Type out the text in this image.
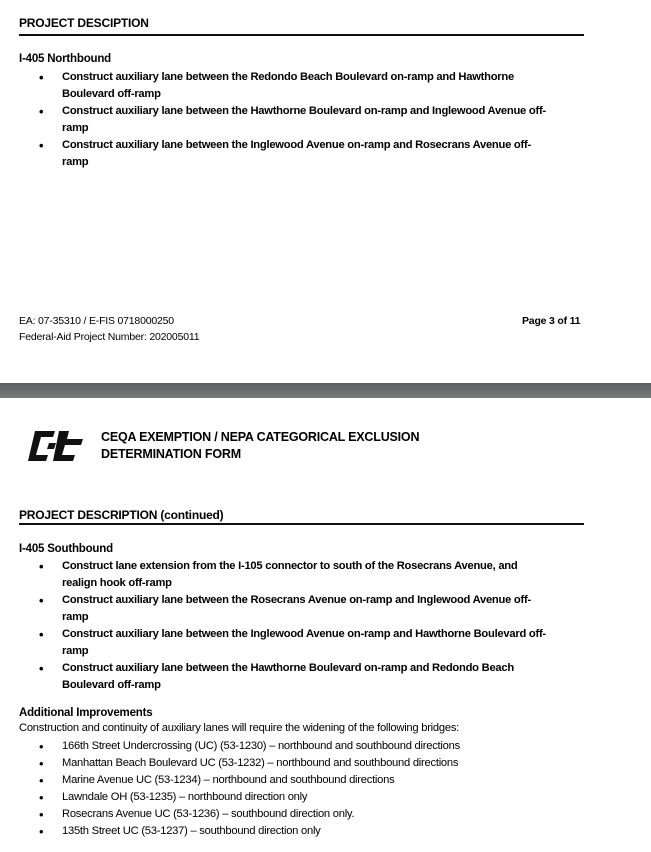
PROJECT DESCIPTION
I-405 Northbound
• Construct auxiliary lane between the Redondo Beach Boulevard on-ramp and Hawthorne
Boulevard off-ramp
• Construct auxiliary lane between the Hawthorne Boulevard on-ramp and Inglewood Avenue off-
ramp
• Construct auxiliary lane between the Inglewood Avenue on-ramp and Rosecrans Avenue off-
ramp
EA: 07-35310 / E-FIS 0718000250
Federal-Aid Project Number: 202005011
Page 3 of 11
CEQA EXEMPTION / NEPA CATEGORICAL EXCLUSION
DETERMINATION FORM
PROJECT DESCRIPTION (continued)
I-405 Southbound
• Construct lane extension from the I-105 connector to south of the Rosecrans Avenue, and
realign hook off-ramp
• Construct auxiliary lane between the Rosecrans Avenue on-ramp and Inglewood Avenue off-
ramp
• Construct auxiliary lane between the Inglewood Avenue on-ramp and Hawthorne Boulevard off-
ramp
• Construct auxiliary lane between the Hawthorne Boulevard on-ramp and Redondo Beach
Boulevard off-ramp
Additional Improvements
Construction and continuity of auxiliary lanes will require the widening of the following bridges:
• 166th Street Undercrossing (UC) (53-1230) – northbound and southbound directions
• Manhattan Beach Boulevard UC (53-1232) – northbound and southbound directions
• Marine Avenue UC (53-1234) – northbound and southbound directions
• Lawndale OH (53-1235) – northbound direction only
• Rosecrans Avenue UC (53-1236) – southbound direction only.
• 135th Street UC (53-1237) – southbound direction only
